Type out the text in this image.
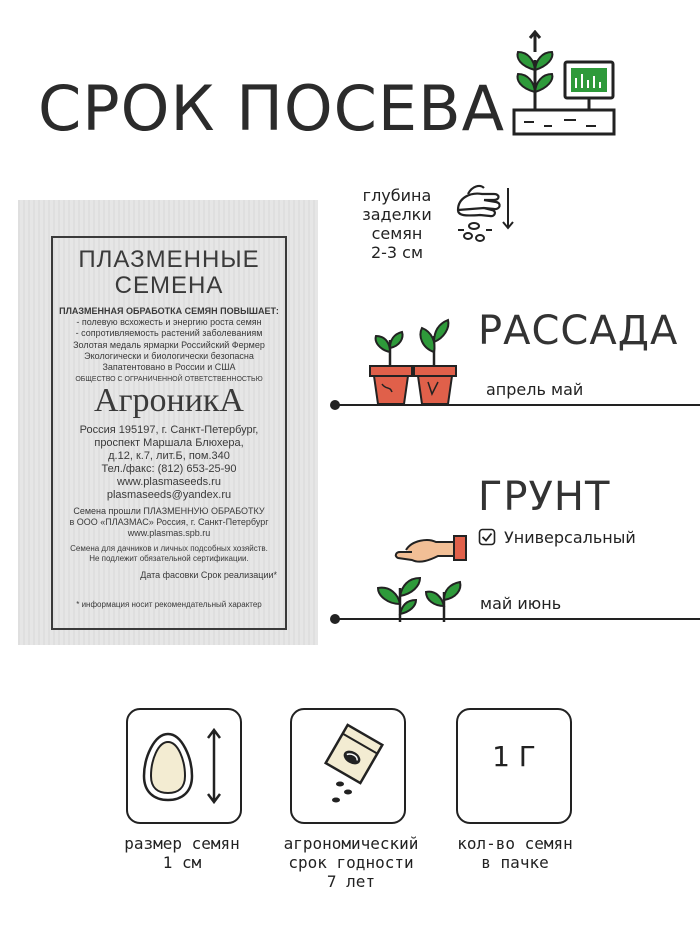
СРОК ПОСЕВА
ПЛАЗМЕННЫЕ
СЕМЕНА
ПЛАЗМЕННАЯ ОБРАБОТКА СЕМЯН ПОВЫШАЕТ:
- полевую всхожесть и энергию роста семян
- сопротивляемость растений заболеваниям
Золотая медаль ярмарки Российский Фермер
Экологически и биологически безопасна
Запатентовано в России и США
ОБЩЕСТВО С ОГРАНИЧЕННОЙ ОТВЕТСТВЕННОСТЬЮ
АгроникА
Россия 195197, г. Санкт-Петербург,
проспект Маршала Блюхера,
д.12, к.7, лит.Б, пом.340
Тел./факс: (812) 653-25-90
www.plasmaseeds.ru
plasmaseeds@yandex.ru
Семена прошли ПЛАЗМЕННУЮ ОБРАБОТКУ
в ООО «ПЛАЗМАС» Россия, г. Санкт-Петербург
www.plasmas.spb.ru
Семена для дачников и личных подсобных хозяйств.
Не подлежит обязательной сертификации.
Дата фасовки Срок реализации*
* информация носит рекомендательный характер
глубина
заделки
семян
2-3 см
РАССАДА
апрель май
ГРУНТ
Универсальный
май июнь
1 Г
размер семян
1 см
агрономический
срок годности
7 лет
кол-во семян
в пачке
